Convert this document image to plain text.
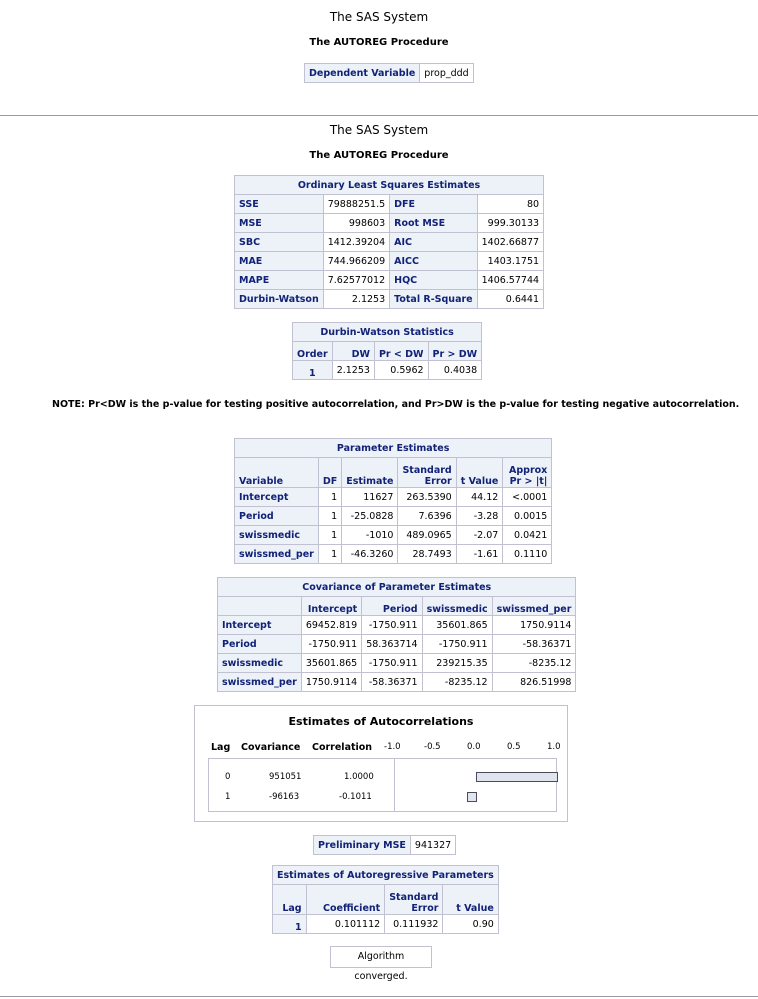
The SAS System
The AUTOREG Procedure
Dependent Variable	prop_ddd
The SAS System
The AUTOREG Procedure
Ordinary Least Squares Estimates			
SSE	79888251.5	DFE	80
MSE	998603	Root MSE	999.30133
SBC	1412.39204	AIC	1402.66877
MAE	744.966209	AICC	1403.1751
MAPE	7.62577012	HQC	1406.57744
Durbin-Watson	2.1253	Total R-Square	0.6441
Durbin-Watson Statistics			
Order	DW	Pr < DW	Pr > DW
1	2.1253	0.5962	0.4038
NOTE: Pr<DW is the p-value for testing positive autocorrelation, and Pr>DW is the p-value for testing negative autocorrelation.
Parameter Estimates					
Variable	DF	Estimate	Standard Error	t Value	Approx Pr > |t|
Intercept	1	11627	263.5390	44.12	<.0001
Period	1	-25.0828	7.6396	-3.28	0.0015
swissmedic	1	-1010	489.0965	-2.07	0.0421
swissmed_per	1	-46.3260	28.7493	-1.61	0.1110
Covariance of Parameter Estimates				
	Intercept	Period	swissmedic	swissmed_per
Intercept	69452.819	-1750.911	35601.865	1750.9114
Period	-1750.911	58.363714	-1750.911	-58.36371
swissmedic	35601.865	-1750.911	239215.35	-8235.12
swissmed_per	1750.9114	-58.36371	-8235.12	826.51998
Estimates of Autocorrelations
Lag Covariance Correlation -1.0	-0.5	0.0	0.5	1.0
0	951051	1.0000
1	-96163	-0.1011
Preliminary MSE	941327
Estimates of Autoregressive Parameters			
Lag	Coefficient	Standard Error	t Value
1	0.101112	0.111932	0.90
Algorithm converged.
